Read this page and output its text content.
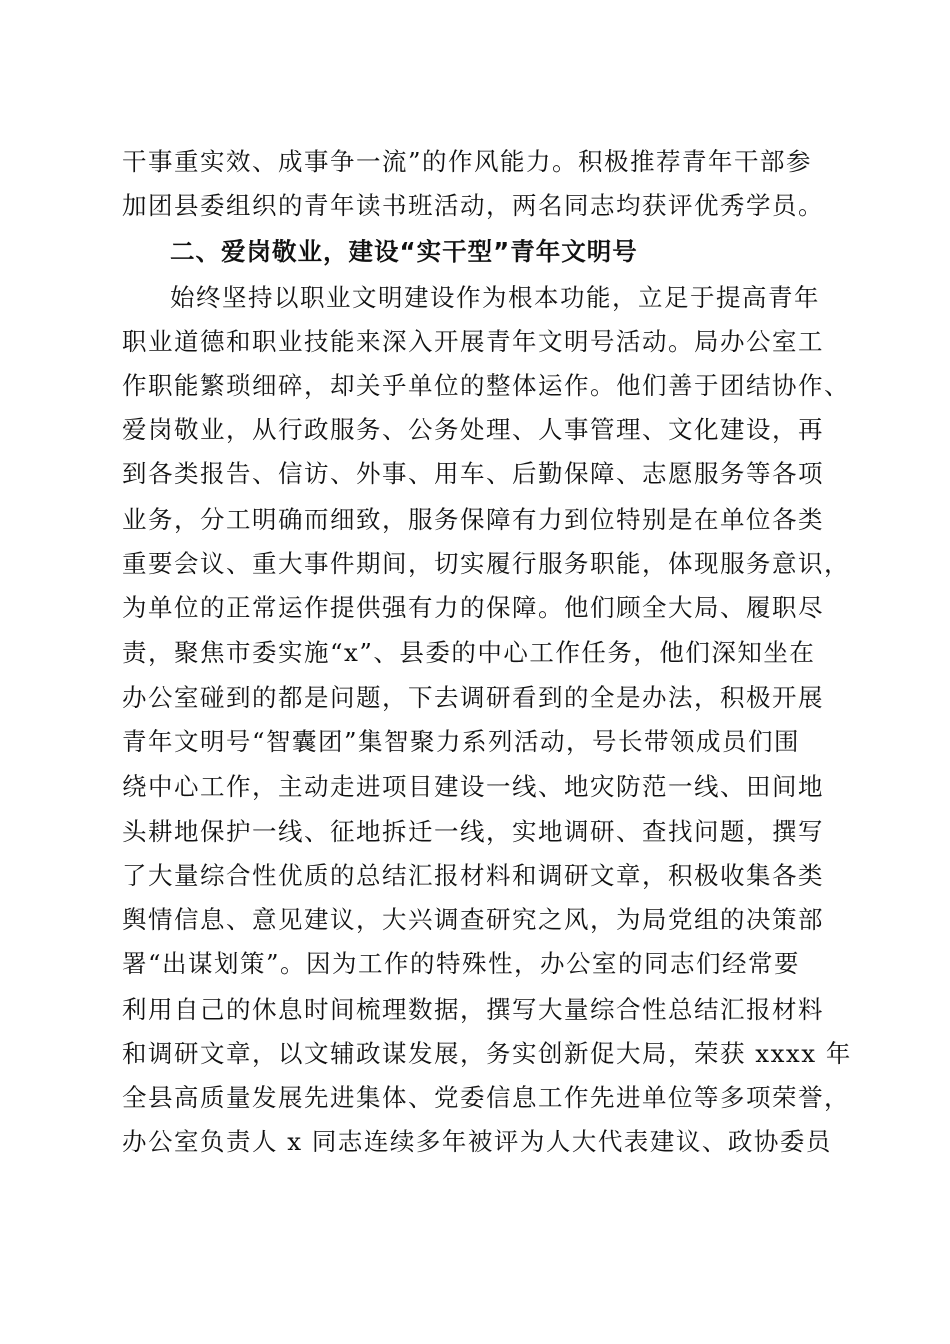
干事重实效、成事争一流”的作风能力。积极推荐青年干部参
加团县委组织的青年读书班活动，两名同志均获评优秀学员。
二、爱岗敬业，建设“实干型”青年文明号
始终坚持以职业文明建设作为根本功能，立足于提高青年
职业道德和职业技能来深入开展青年文明号活动。局办公室工
作职能繁琐细碎，却关乎单位的整体运作。他们善于团结协作、
爱岗敬业，从行政服务、公务处理、人事管理、文化建设，再
到各类报告、信访、外事、用车、后勤保障、志愿服务等各项
业务，分工明确而细致，服务保障有力到位特别是在单位各类
重要会议、重大事件期间，切实履行服务职能，体现服务意识，
为单位的正常运作提供强有力的保障。他们顾全大局、履职尽
责，聚焦市委实施“x”、县委的中心工作任务，他们深知坐在
办公室碰到的都是问题，下去调研看到的全是办法，积极开展
青年文明号“智囊团”集智聚力系列活动，号长带领成员们围
绕中心工作，主动走进项目建设一线、地灾防范一线、田间地
头耕地保护一线、征地拆迁一线，实地调研、查找问题，撰写
了大量综合性优质的总结汇报材料和调研文章，积极收集各类
舆情信息、意见建议，大兴调查研究之风，为局党组的决策部
署“出谋划策”。因为工作的特殊性，办公室的同志们经常要
利用自己的休息时间梳理数据，撰写大量综合性总结汇报材料
和调研文章，以文辅政谋发展，务实创新促大局，荣获 xxxx 年
全县高质量发展先进集体、党委信息工作先进单位等多项荣誉，
办公室负责人 x 同志连续多年被评为人大代表建议、政协委员
